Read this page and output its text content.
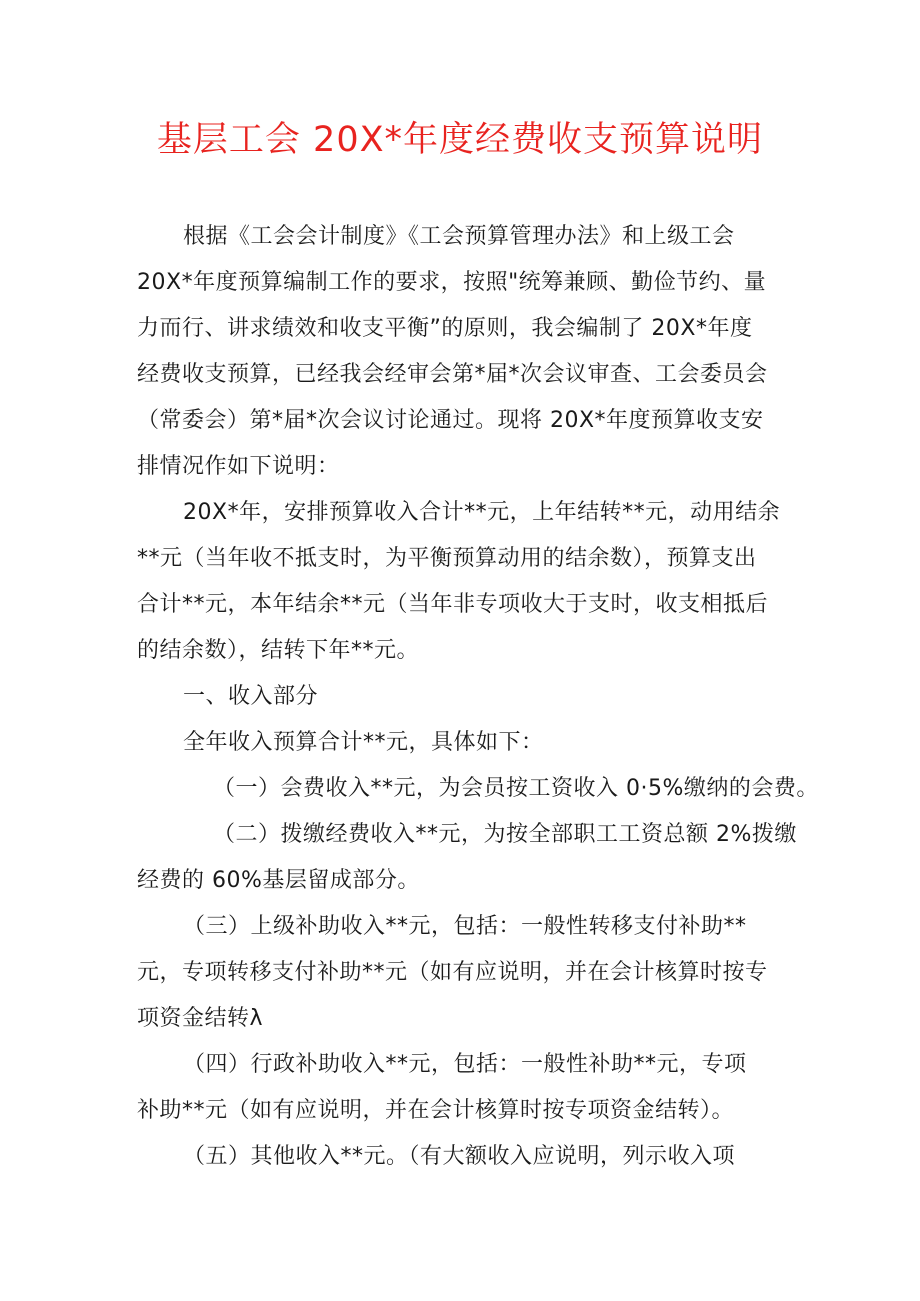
基层工会 20X*年度经费收支预算说明
根据《工会会计制度》《工会预算管理办法》和上级工会
20X*年度预算编制工作的要求，按照"统筹兼顾、勤俭节约、量
力而行、讲求绩效和收支平衡”的原则，我会编制了 20X*年度
经费收支预算，已经我会经审会第*届*次会议审查、工会委员会
（常委会）第*届*次会议讨论通过。现将 20X*年度预算收支安
排情况作如下说明：
20X*年，安排预算收入合计**元，上年结转**元，动用结余
**元（当年收不抵支时，为平衡预算动用的结余数），预算支出
合计**元，本年结余**元（当年非专项收大于支时，收支相抵后
的结余数），结转下年**元。
一、收入部分
全年收入预算合计**元，具体如下：
（一）会费收入**元，为会员按工资收入 0·5%缴纳的会费。
（二）拨缴经费收入**元，为按全部职工工资总额 2%拨缴
经费的 60%基层留成部分。
（三）上级补助收入**元，包括：一般性转移支付补助**
元，专项转移支付补助**元（如有应说明，并在会计核算时按专
项资金结转λ
（四）行政补助收入**元，包括：一般性补助**元，专项
补助**元（如有应说明，并在会计核算时按专项资金结转）。
（五）其他收入**元。（有大额收入应说明，列示收入项
